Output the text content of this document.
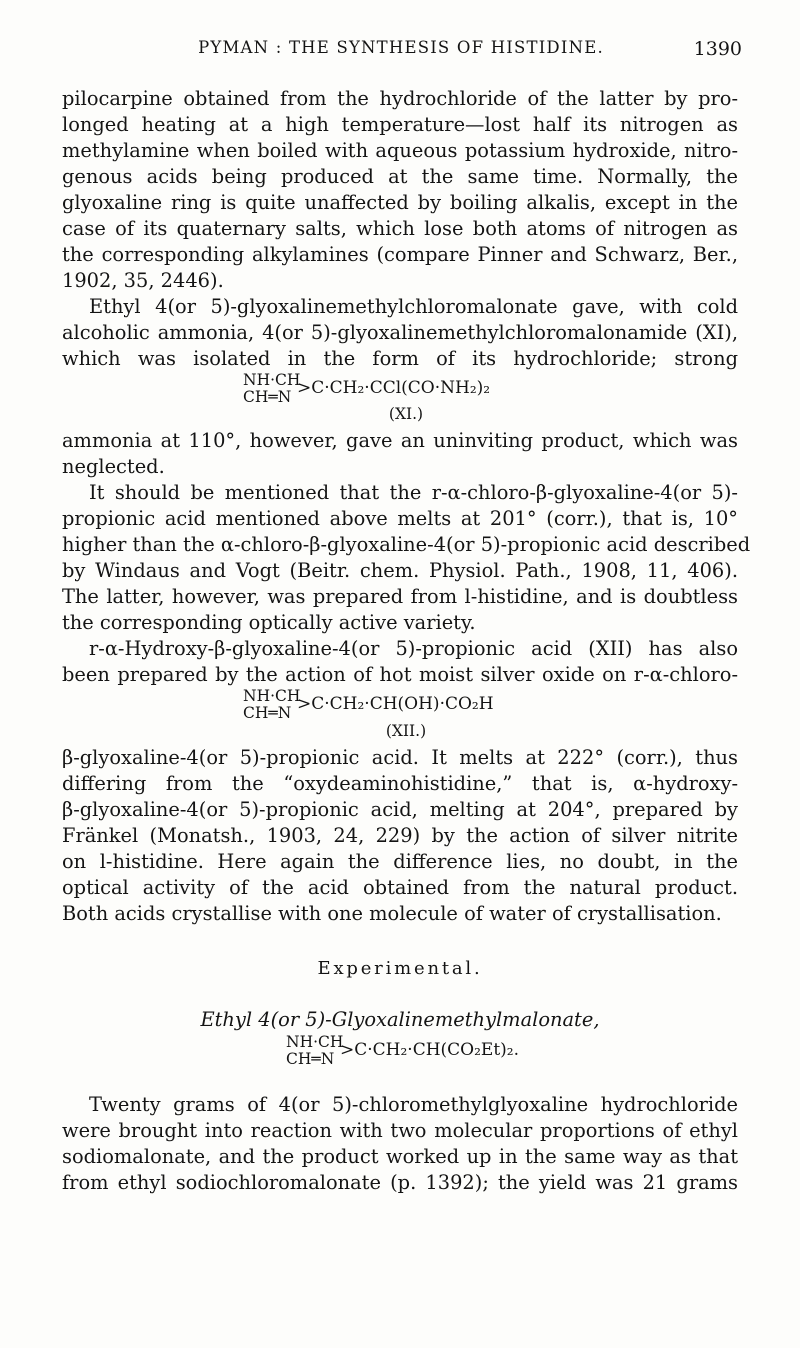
PYMAN : THE SYNTHESIS OF HISTIDINE.	1390
pilocarpine obtained from the hydrochloride of the latter by pro-
longed heating at a high temperature—lost half its nitrogen as
methylamine when boiled with aqueous potassium hydroxide, nitro-
genous acids being produced at the same time. Normally, the
glyoxaline ring is quite unaffected by boiling alkalis, except in the
case of its quaternary salts, which lose both atoms of nitrogen as
the corresponding alkylamines (compare Pinner and Schwarz, Ber.,
1902, 35, 2446).
Ethyl 4(or 5)-glyoxalinemethylchloromalonate gave, with cold
alcoholic ammonia, 4(or 5)-glyoxalinemethylchloromalonamide (XI),
which was isolated in the form of its hydrochloride; strong
NH·CH
CH═N >C·CH₂·CCl(CO·NH₂)₂
(XI.)
ammonia at 110°, however, gave an uninviting product, which was
neglected.
It should be mentioned that the r-α-chloro-β-glyoxaline-4(or 5)-
propionic acid mentioned above melts at 201° (corr.), that is, 10°
higher than the α-chloro-β-glyoxaline-4(or 5)-propionic acid described
by Windaus and Vogt (Beitr. chem. Physiol. Path., 1908, 11, 406).
The latter, however, was prepared from l-histidine, and is doubtless
the corresponding optically active variety.
r-α-Hydroxy-β-glyoxaline-4(or 5)-propionic acid (XII) has also
been prepared by the action of hot moist silver oxide on r-α-chloro-
NH·CH
CH═N >C·CH₂·CH(OH)·CO₂H
(XII.)
β-glyoxaline-4(or 5)-propionic acid. It melts at 222° (corr.), thus
differing from the “oxydeaminohistidine,” that is, α-hydroxy-
β-glyoxaline-4(or 5)-propionic acid, melting at 204°, prepared by
Fränkel (Monatsh., 1903, 24, 229) by the action of silver nitrite
on l-histidine. Here again the difference lies, no doubt, in the
optical activity of the acid obtained from the natural product.
Both acids crystallise with one molecule of water of crystallisation.
Experimental.
Ethyl 4(or 5)-Glyoxalinemethylmalonate,
NH·CH
CH═N >C·CH₂·CH(CO₂Et)₂.
Twenty grams of 4(or 5)-chloromethylglyoxaline hydrochloride
were brought into reaction with two molecular proportions of ethyl
sodiomalonate, and the product worked up in the same way as that
from ethyl sodiochloromalonate (p. 1392); the yield was 21 grams
